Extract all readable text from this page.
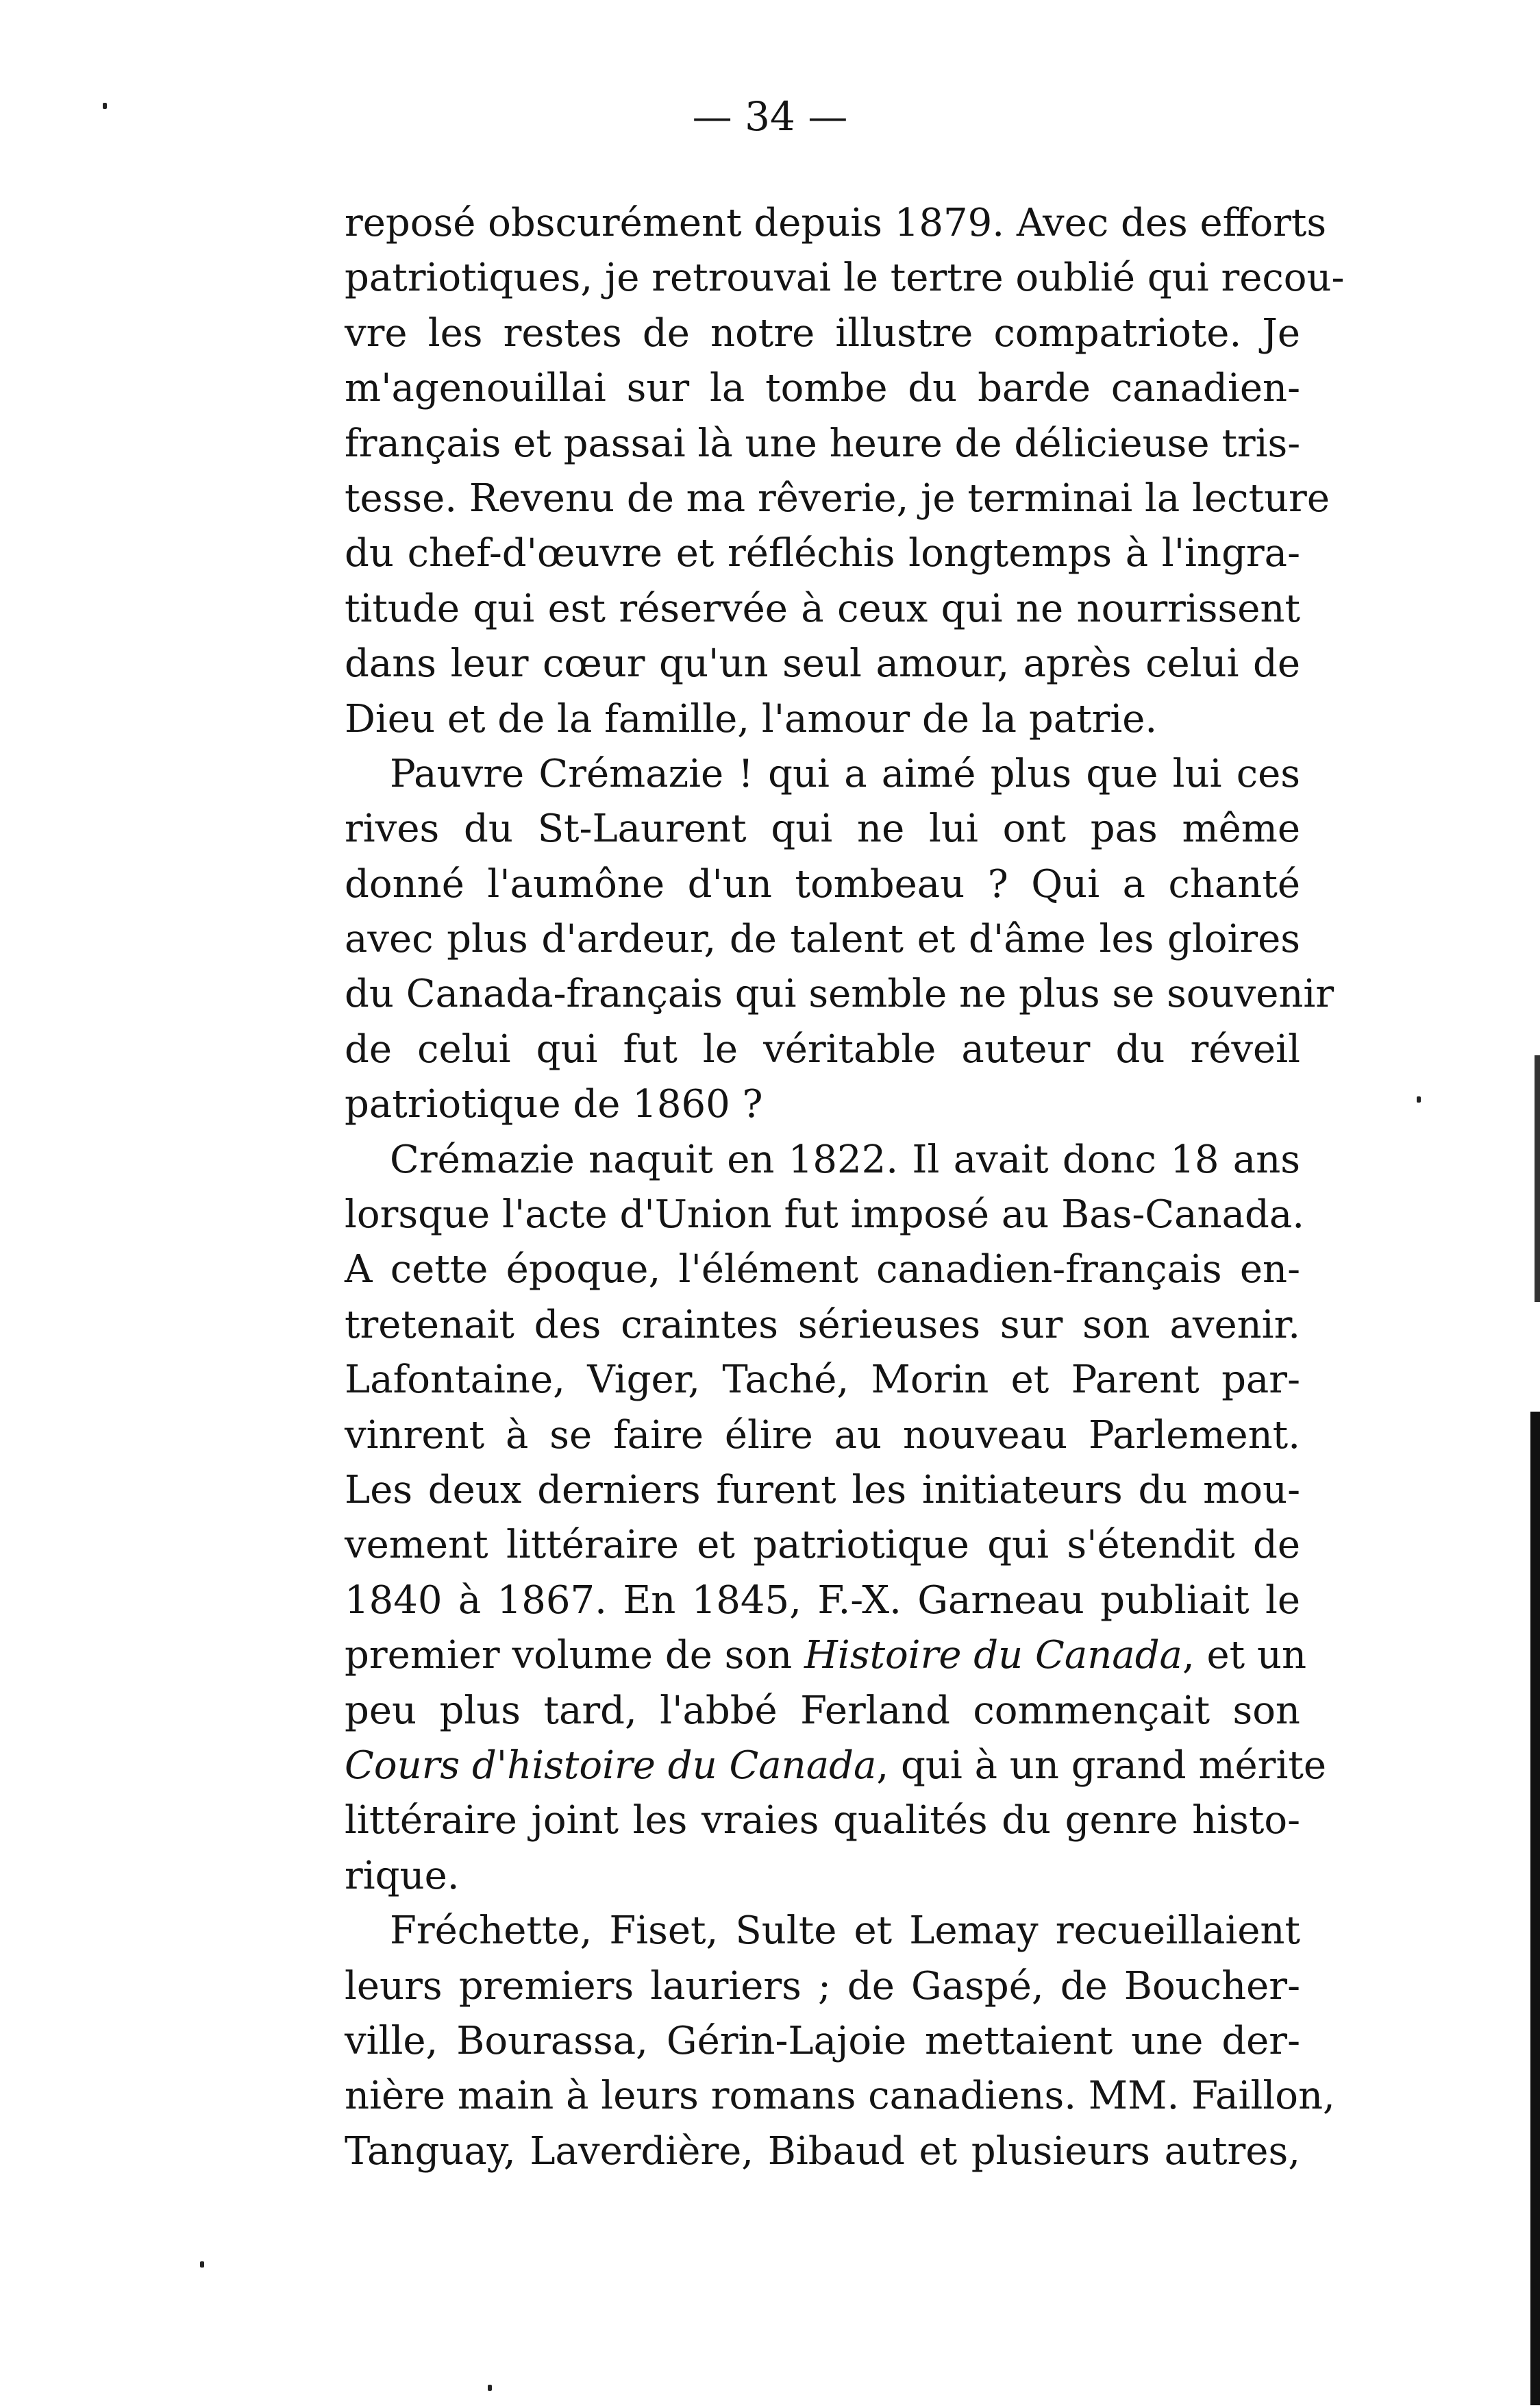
— 34 —
reposé obscurément depuis 1879. Avec des efforts
patriotiques, je retrouvai le tertre oublié qui recou-
vre les restes de notre illustre compatriote. Je
m'agenouillai sur la tombe du barde canadien-
français et passai là une heure de délicieuse tris-
tesse. Revenu de ma rêverie, je terminai la lecture
du chef-d'œuvre et réfléchis longtemps à l'ingra-
titude qui est réservée à ceux qui ne nourrissent
dans leur cœur qu'un seul amour, après celui de
Dieu et de la famille, l'amour de la patrie.
Pauvre Crémazie ! qui a aimé plus que lui ces
rives du St-Laurent qui ne lui ont pas même
donné l'aumône d'un tombeau ? Qui a chanté
avec plus d'ardeur, de talent et d'âme les gloires
du Canada-français qui semble ne plus se souvenir
de celui qui fut le véritable auteur du réveil
patriotique de 1860 ?
Crémazie naquit en 1822. Il avait donc 18 ans
lorsque l'acte d'Union fut imposé au Bas-Canada.
A cette époque, l'élément canadien-français en-
tretenait des craintes sérieuses sur son avenir.
Lafontaine, Viger, Taché, Morin et Parent par-
vinrent à se faire élire au nouveau Parlement.
Les deux derniers furent les initiateurs du mou-
vement littéraire et patriotique qui s'étendit de
1840 à 1867. En 1845, F.-X. Garneau publiait le
premier volume de son Histoire du Canada, et un
peu plus tard, l'abbé Ferland commençait son
Cours d'histoire du Canada, qui à un grand mérite
littéraire joint les vraies qualités du genre histo-
rique.
Fréchette, Fiset, Sulte et Lemay recueillaient
leurs premiers lauriers ; de Gaspé, de Boucher-
ville, Bourassa, Gérin-Lajoie mettaient une der-
nière main à leurs romans canadiens. MM. Faillon,
Tanguay, Laverdière, Bibaud et plusieurs autres,
